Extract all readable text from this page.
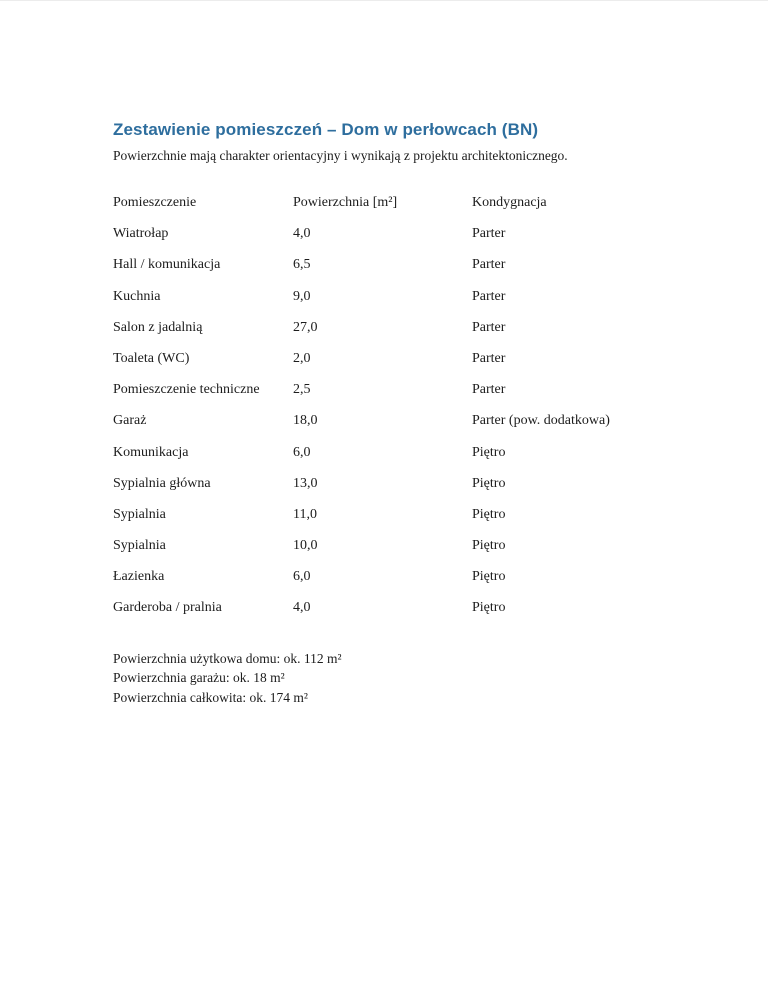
Zestawienie pomieszczeń – Dom w perłowcach (BN)

Powierzchnie mają charakter orientacyjny i wynikają z projektu architektonicznego.

Pomieszczenie	Powierzchnia [m²]	Kondygnacja
Wiatrołap	4,0	Parter
Hall / komunikacja	6,5	Parter
Kuchnia	9,0	Parter
Salon z jadalnią	27,0	Parter
Toaleta (WC)	2,0	Parter
Pomieszczenie techniczne	2,5	Parter
Garaż	18,0	Parter (pow. dodatkowa)
Komunikacja	6,0	Piętro
Sypialnia główna	13,0	Piętro
Sypialnia	11,0	Piętro
Sypialnia	10,0	Piętro
Łazienka	6,0	Piętro
Garderoba / pralnia	4,0	Piętro

Powierzchnia użytkowa domu: ok. 112 m²

Powierzchnia garażu: ok. 18 m²

Powierzchnia całkowita: ok. 174 m²
